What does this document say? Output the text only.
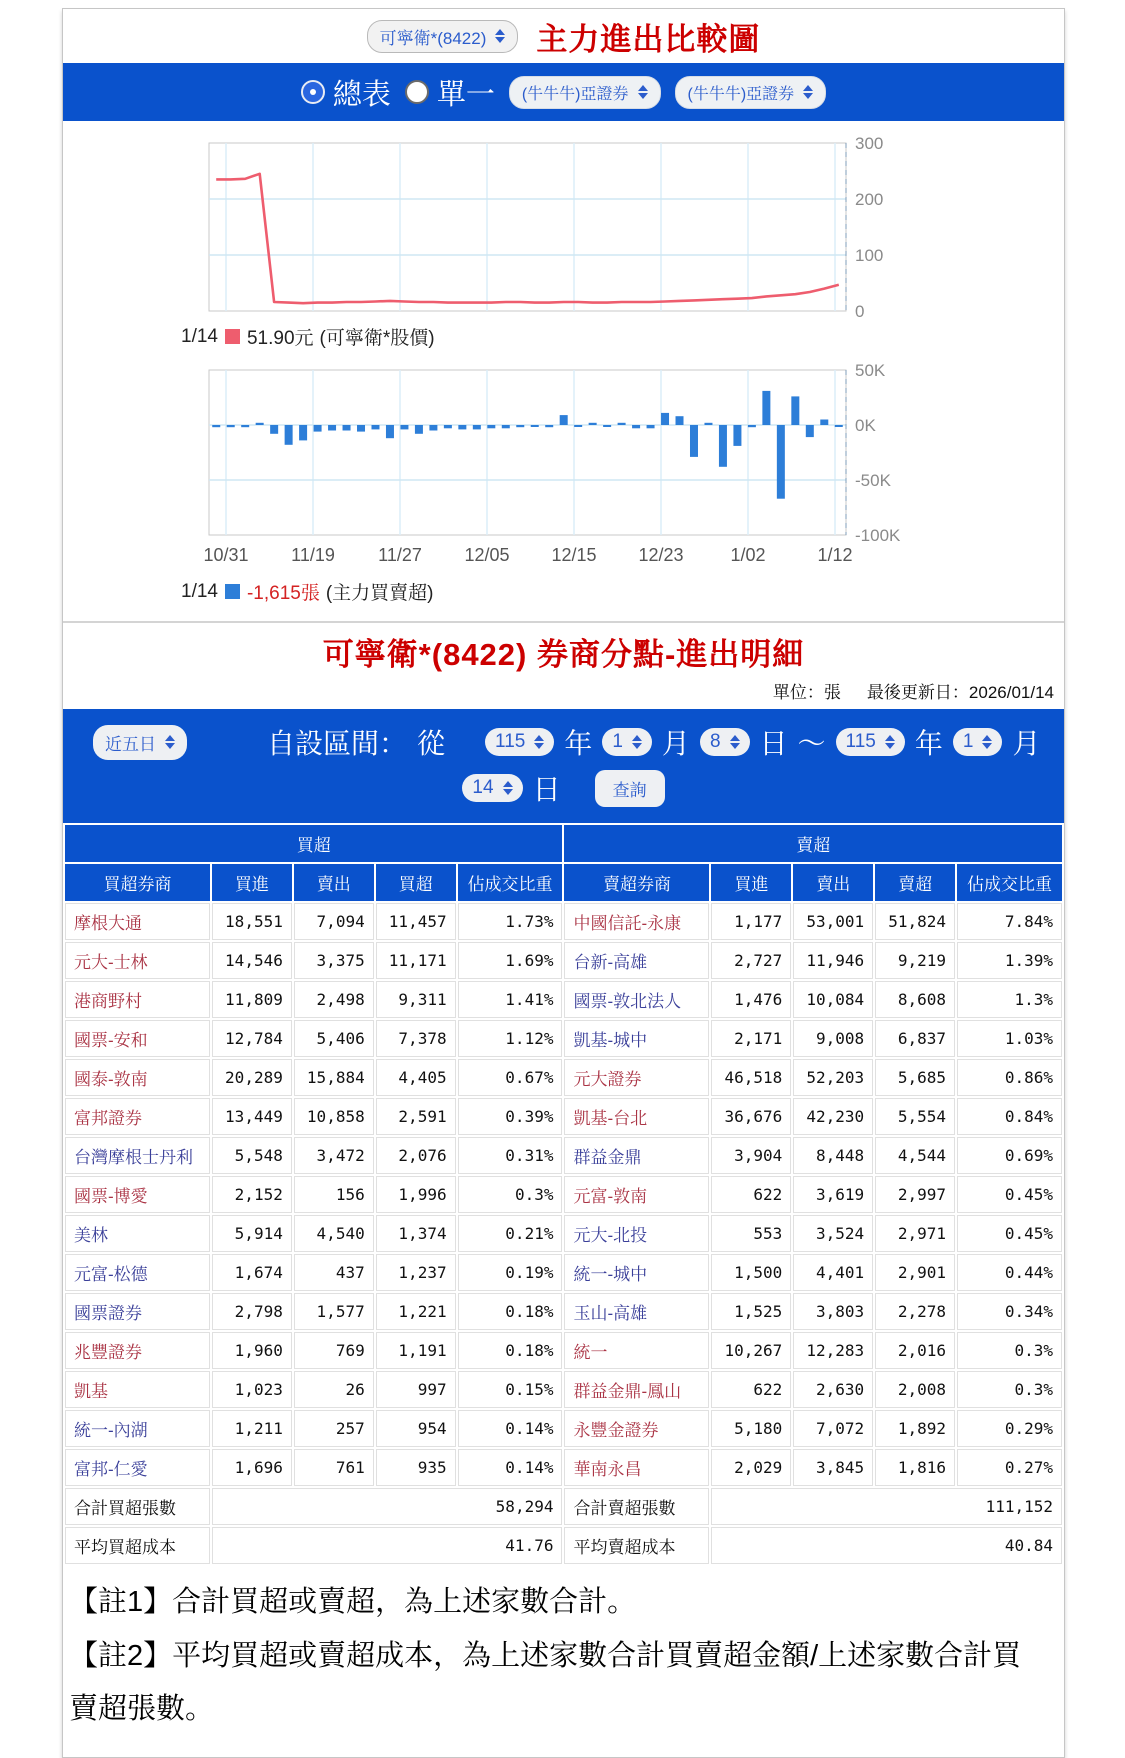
可寧衛*(8422) 主力進出比較圖
總表 單一 (牛牛牛)亞證券	(牛牛牛)亞證券
300
200
100
0
1/14 51.90元 (可寧衛*股價)
50K
0K
-50K
-100K
10/31 11/19 11/27 12/05 12/15 12/23	1/02	1/12
1/14 -1,615張 (主力買賣超)
可寧衛*(8422) 券商分點-進出明細
單位：張 最後更新日：2026/01/14
近五日	自設區間： 從	115 年 1 月 8 日 ～ 115 年 1 月
14 日	查詢
買超					賣超				
買超券商	買進	賣出	買超	佔成交比重	賣超券商	買進	賣出	賣超	佔成交比重
摩根大通	18,551	7,094	11,457	1.73%	中國信託-永康	1,177	53,001	51,824	7.84%
元大-士林	14,546	3,375	11,171	1.69%	台新-高雄	2,727	11,946	9,219	1.39%
港商野村	11,809	2,498	9,311	1.41%	國票-敦北法人	1,476	10,084	8,608	1.3%
國票-安和	12,784	5,406	7,378	1.12%	凱基-城中	2,171	9,008	6,837	1.03%
國泰-敦南	20,289	15,884	4,405	0.67%	元大證券	46,518	52,203	5,685	0.86%
富邦證券	13,449	10,858	2,591	0.39%	凱基-台北	36,676	42,230	5,554	0.84%
台灣摩根士丹利	5,548	3,472	2,076	0.31%	群益金鼎	3,904	8,448	4,544	0.69%
國票-博愛	2,152	156	1,996	0.3%	元富-敦南	622	3,619	2,997	0.45%
美林	5,914	4,540	1,374	0.21%	元大-北投	553	3,524	2,971	0.45%
元富-松德	1,674	437	1,237	0.19%	統一-城中	1,500	4,401	2,901	0.44%
國票證券	2,798	1,577	1,221	0.18%	玉山-高雄	1,525	3,803	2,278	0.34%
兆豐證券	1,960	769	1,191	0.18%	統一	10,267	12,283	2,016	0.3%
凱基	1,023	26	997	0.15%	群益金鼎-鳳山	622	2,630	2,008	0.3%
統一-內湖	1,211	257	954	0.14%	永豐金證券	5,180	7,072	1,892	0.29%
富邦-仁愛	1,696	761	935	0.14%	華南永昌	2,029	3,845	1,816	0.27%
合計買超張數	58,294				合計賣超張數	111,152			
平均買超成本	41.76				平均賣超成本	40.84			
【註1】合計買超或賣超，為上述家數合計。
【註2】平均買超或賣超成本，為上述家數合計買賣超金額/上述家數合計買賣超張數。
